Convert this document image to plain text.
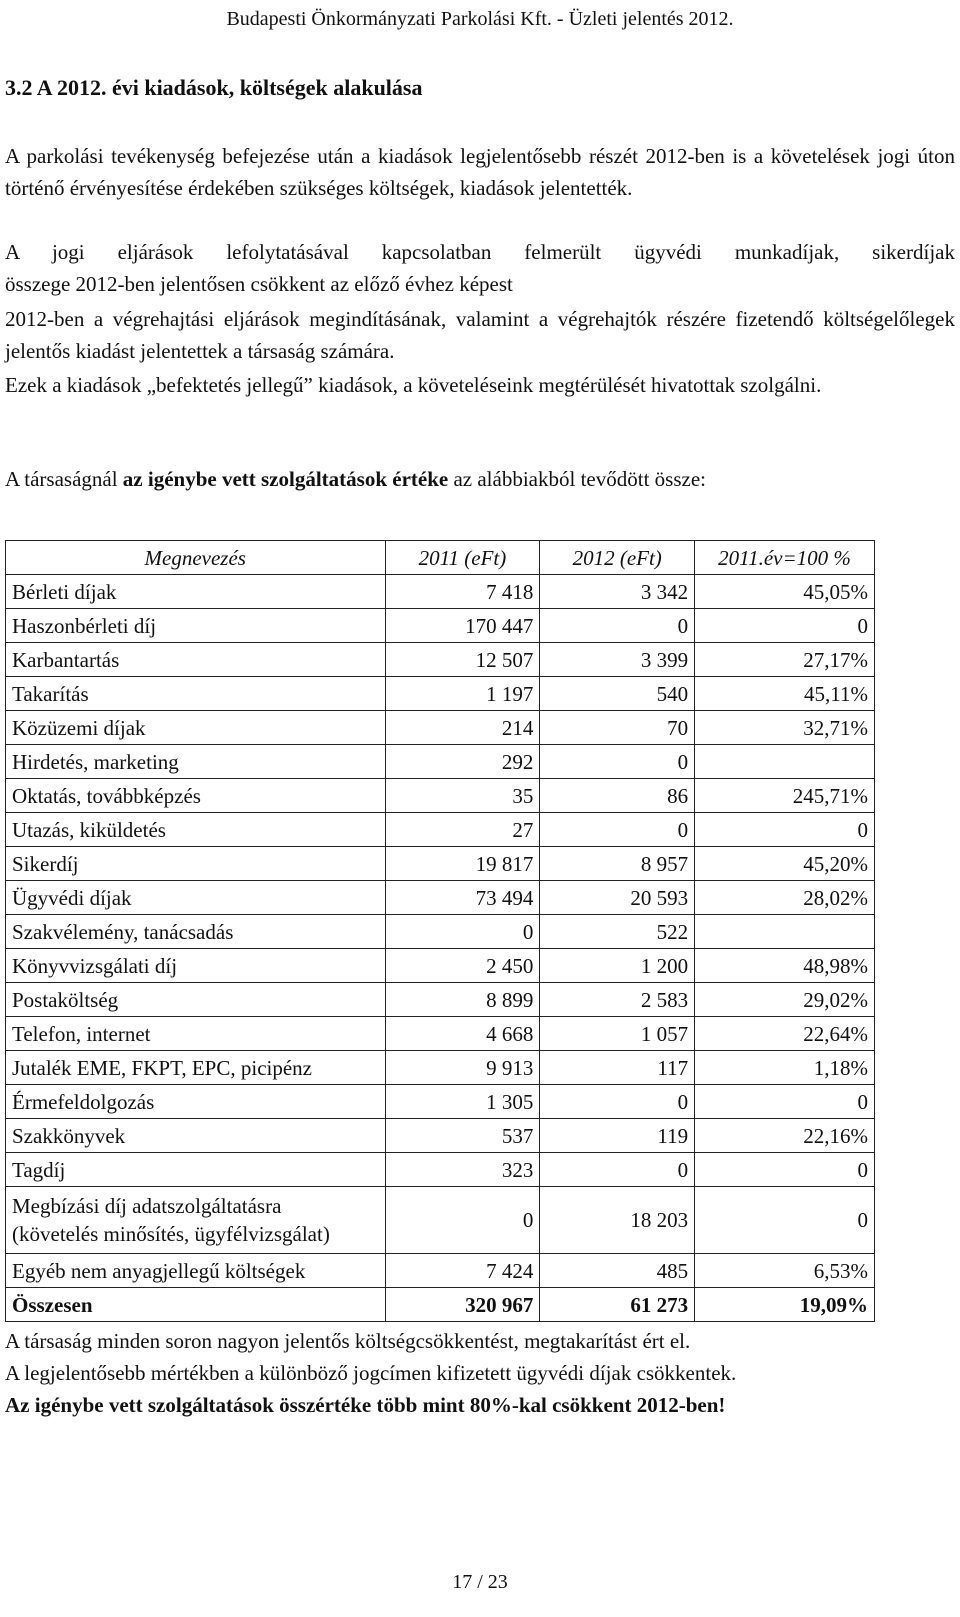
Budapesti Önkormányzati Parkolási Kft. - Üzleti jelentés 2012.
3.2 A 2012. évi kiadások, költségek alakulása

A parkolási tevékenység befejezése után a kiadások legjelentősebb részét 2012-ben is a követelések jogi úton történő érvényesítése érdekében szükséges költségek, kiadások jelentették.

A jogi eljárások lefolytatásával kapcsolatban felmerült ügyvédi munkadíjak, sikerdíjak
összege 2012-ben jelentősen csökkent az előző évhez képest

2012-ben a végrehajtási eljárások megindításának, valamint a végrehajtók részére fizetendő költségelőlegek jelentős kiadást jelentettek a társaság számára.

Ezek a kiadások „befektetés jellegű” kiadások, a követeléseink megtérülését hivatottak szolgálni.

A társaságnál az igénybe vett szolgáltatások értéke az alábbiakból tevődött össze:

Megnevezés	2011 (eFt)	2012 (eFt)	2011.év=100 %
Bérleti díjak	7 418	3 342	45,05%
Haszonbérleti díj	170 447	0	0
Karbantartás	12 507	3 399	27,17%
Takarítás	1 197	540	45,11%
Közüzemi díjak	214	70	32,71%
Hirdetés, marketing	292	0	
Oktatás, továbbképzés	35	86	245,71%
Utazás, kiküldetés	27	0	0
Sikerdíj	19 817	8 957	45,20%
Ügyvédi díjak	73 494	20 593	28,02%
Szakvélemény, tanácsadás	0	522	
Könyvvizsgálati díj	2 450	1 200	48,98%
Postaköltség	8 899	2 583	29,02%
Telefon, internet	4 668	1 057	22,64%
Jutalék EME, FKPT, EPC, picipénz	9 913	117	1,18%
Érmefeldolgozás	1 305	0	0
Szakkönyvek	537	119	22,16%
Tagdíj	323	0	0
Megbízási díj adatszolgáltatásra
(követelés minősítés, ügyfélvizsgálat)	0	18 203	0
Egyéb nem anyagjellegű költségek	7 424	485	6,53%
Összesen	320 967	61 273	19,09%

A társaság minden soron nagyon jelentős költségcsökkentést, megtakarítást ért el.

A legjelentősebb mértékben a különböző jogcímen kifizetett ügyvédi díjak csökkentek.

Az igénybe vett szolgáltatások összértéke több mint 80%-kal csökkent 2012-ben!

17 / 23
